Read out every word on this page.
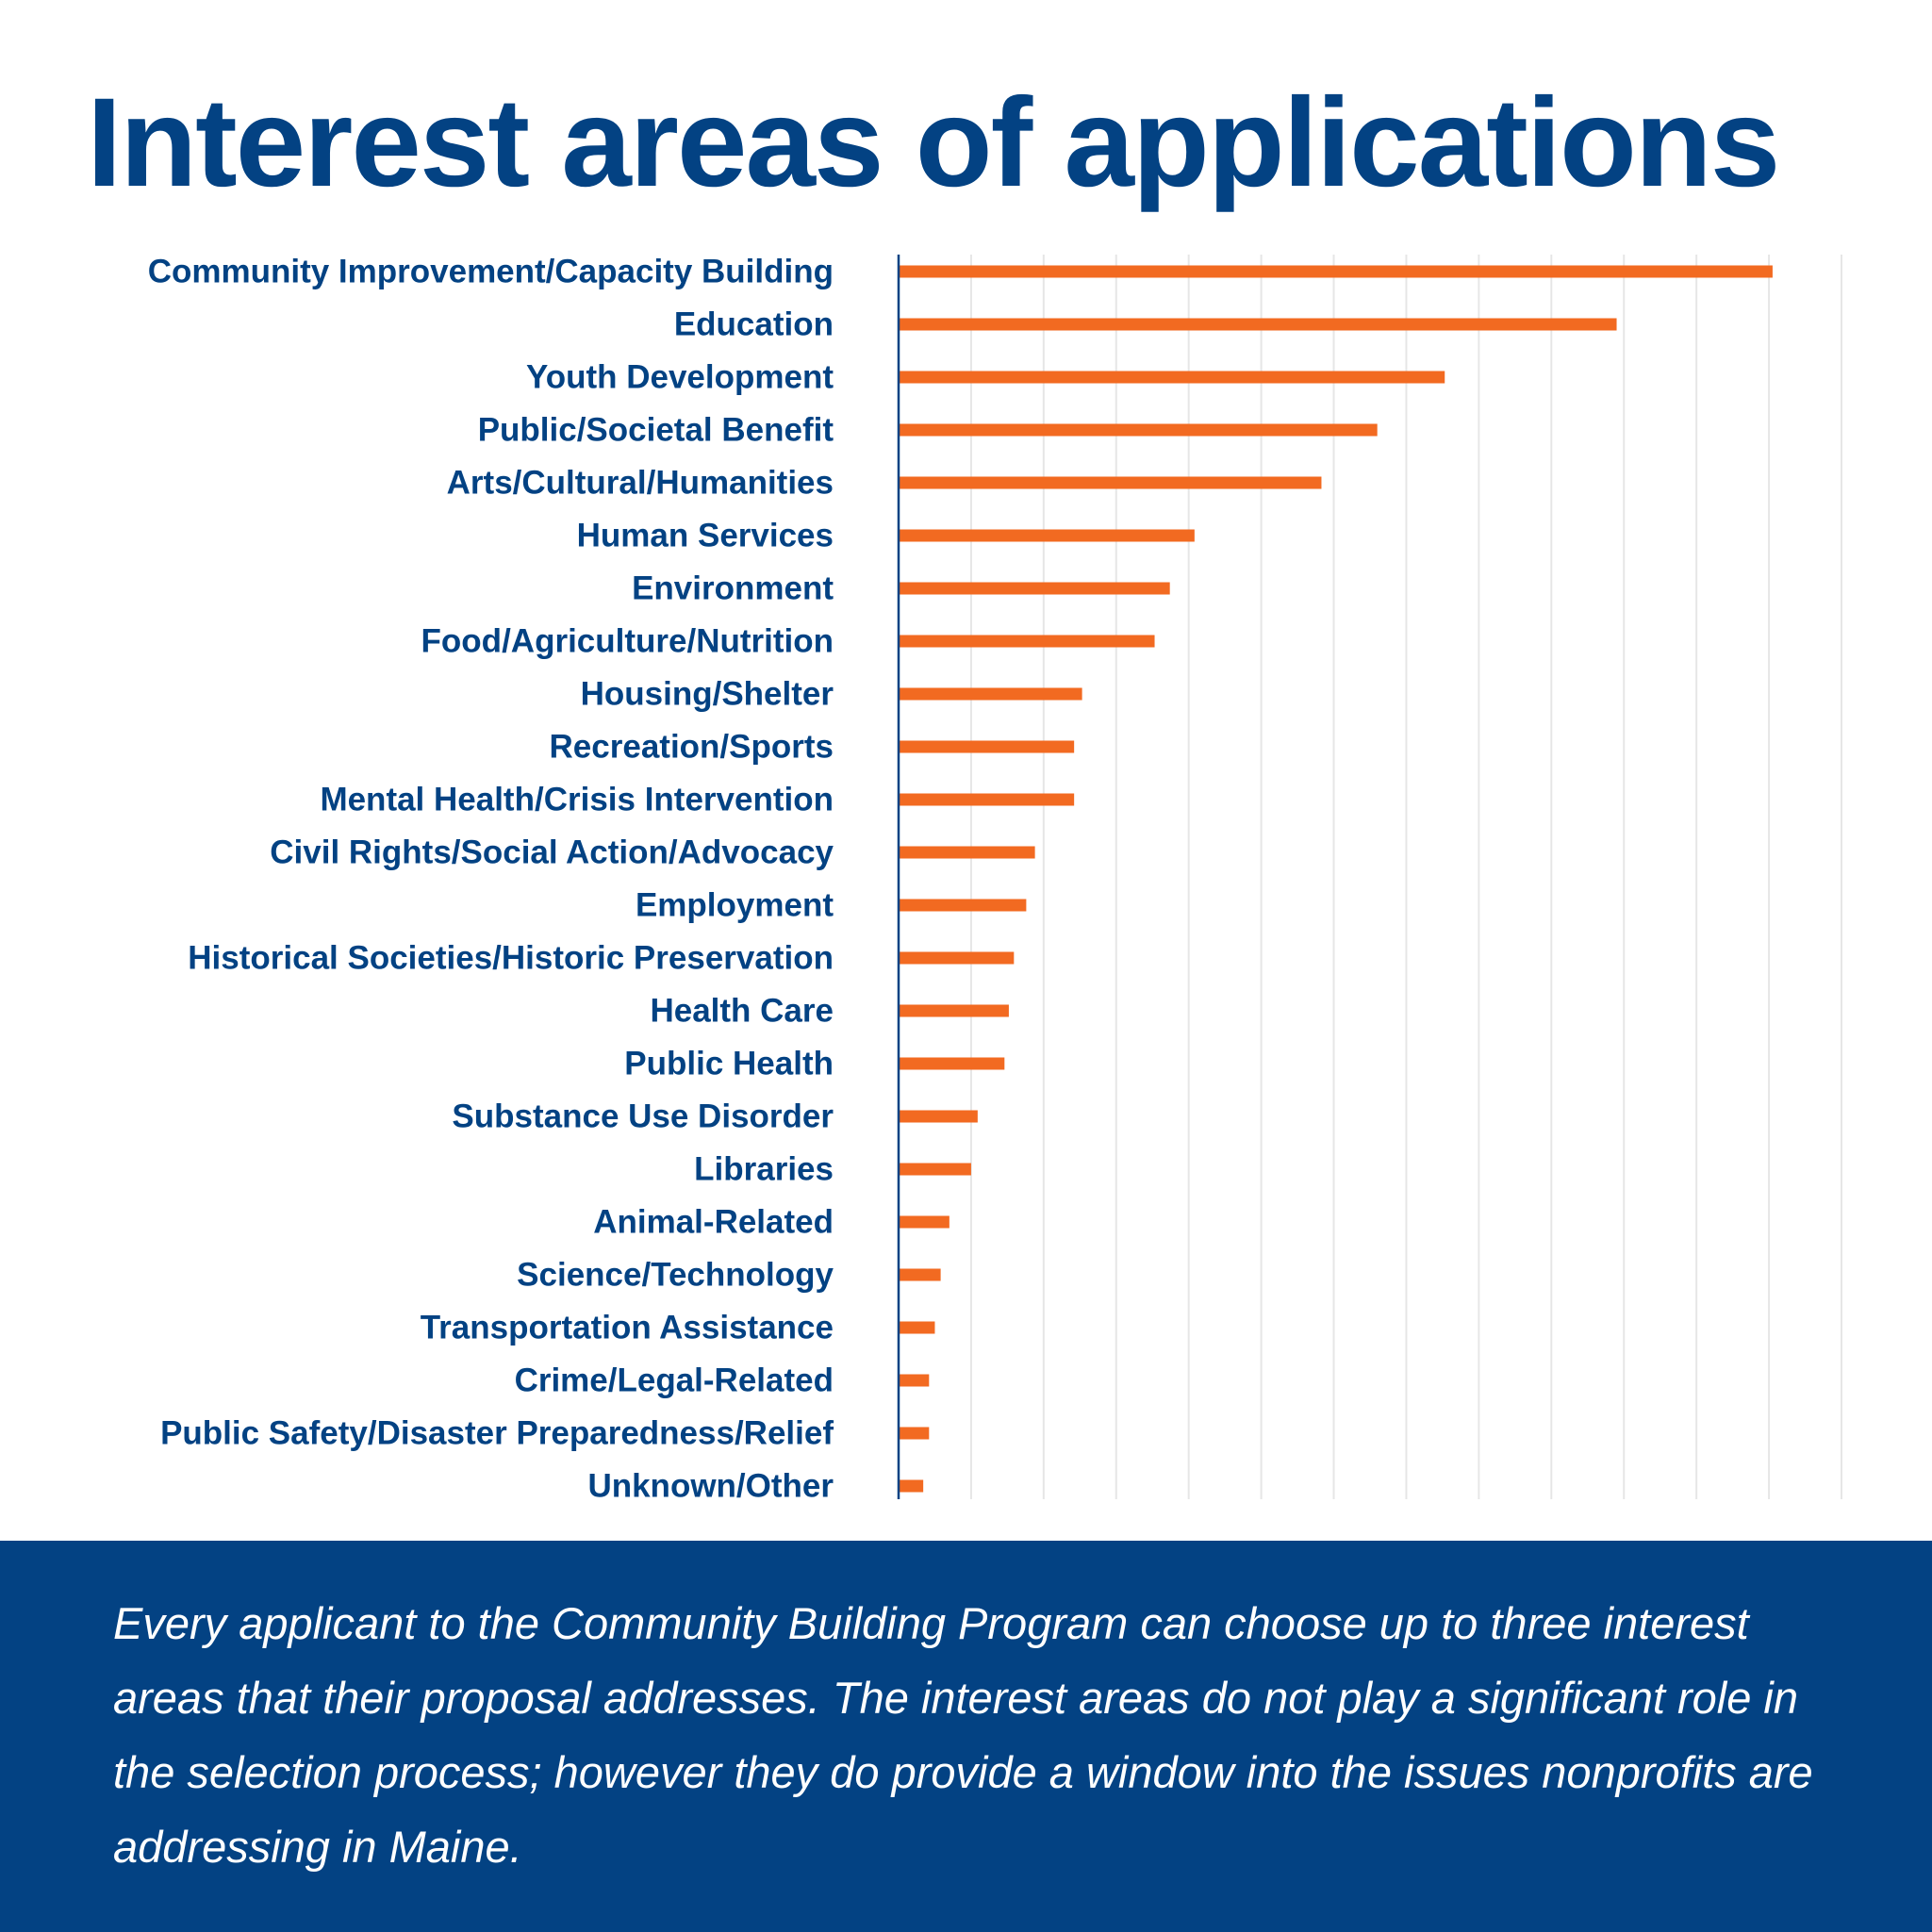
Interest areas of applications
Community Improvement/Capacity Building
Education
Youth Development
Public/Societal Benefit
Arts/Cultural/Humanities
Human Services
Environment
Food/Agriculture/Nutrition
Housing/Shelter
Recreation/Sports
Mental Health/Crisis Intervention
Civil Rights/Social Action/Advocacy
Employment
Historical Societies/Historic Preservation
Health Care
Public Health
Substance Use Disorder
Libraries
Animal-Related
Science/Technology
Transportation Assistance
Crime/Legal-Related
Public Safety/Disaster Preparedness/Relief
Unknown/Other

Every applicant to the Community Building Program can choose up to three interest areas that their proposal addresses. The interest areas do not play a significant role in the selection process; however they do provide a window into the issues nonprofits are addressing in Maine.
